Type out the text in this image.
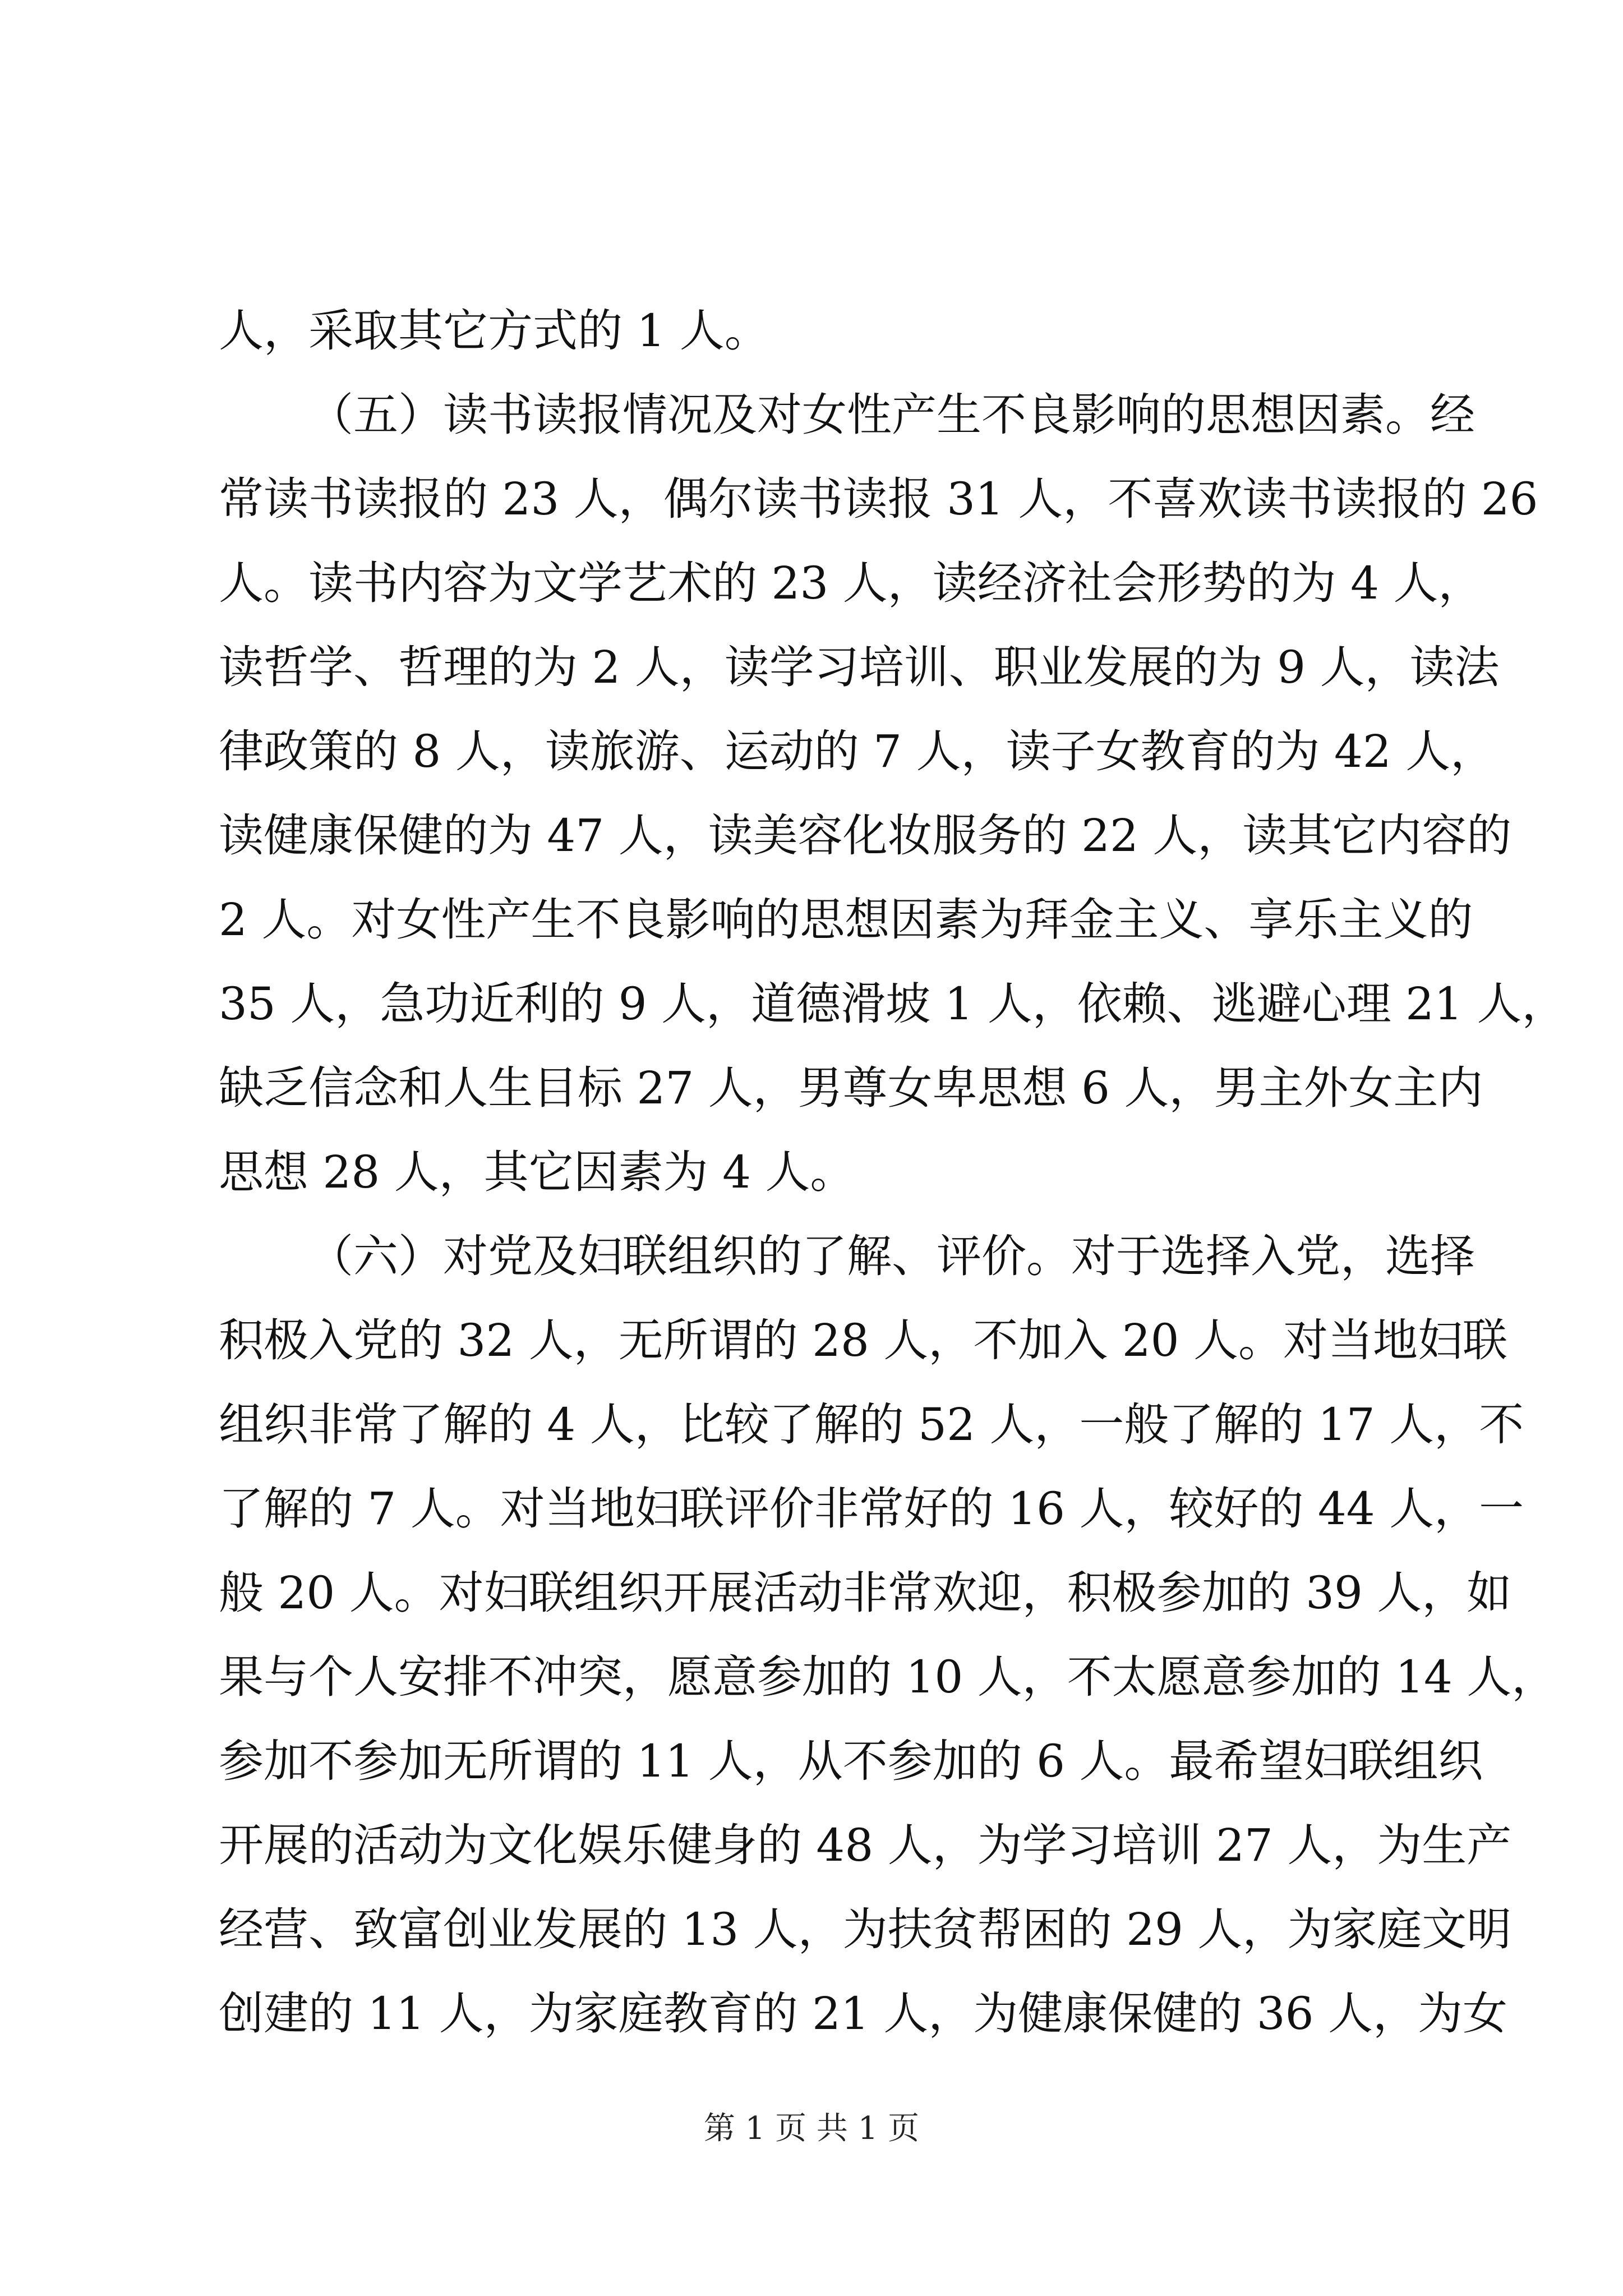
人，采取其它方式的 1 人。
（五）读书读报情况及对女性产生不良影响的思想因素。经
常读书读报的 23 人，偶尔读书读报 31 人，不喜欢读书读报的 26
人。读书内容为文学艺术的 23 人，读经济社会形势的为 4 人，
读哲学、哲理的为 2 人，读学习培训、职业发展的为 9 人，读法
律政策的 8 人，读旅游、运动的 7 人，读子女教育的为 42 人，
读健康保健的为 47 人，读美容化妆服务的 22 人，读其它内容的
2 人。对女性产生不良影响的思想因素为拜金主义、享乐主义的
35 人，急功近利的 9 人，道德滑坡 1 人，依赖、逃避心理 21 人，
缺乏信念和人生目标 27 人，男尊女卑思想 6 人，男主外女主内
思想 28 人，其它因素为 4 人。
（六）对党及妇联组织的了解、评价。对于选择入党，选择
积极入党的 32 人，无所谓的 28 人，不加入 20 人。对当地妇联
组织非常了解的 4 人，比较了解的 52 人，一般了解的 17 人，不
了解的 7 人。对当地妇联评价非常好的 16 人，较好的 44 人，一
般 20 人。对妇联组织开展活动非常欢迎，积极参加的 39 人，如
果与个人安排不冲突，愿意参加的 10 人，不太愿意参加的 14 人，
参加不参加无所谓的 11 人，从不参加的 6 人。最希望妇联组织
开展的活动为文化娱乐健身的 48 人，为学习培训 27 人，为生产
经营、致富创业发展的 13 人，为扶贫帮困的 29 人，为家庭文明
创建的 11 人，为家庭教育的 21 人，为健康保健的 36 人，为女
第 1 页 共 1 页
